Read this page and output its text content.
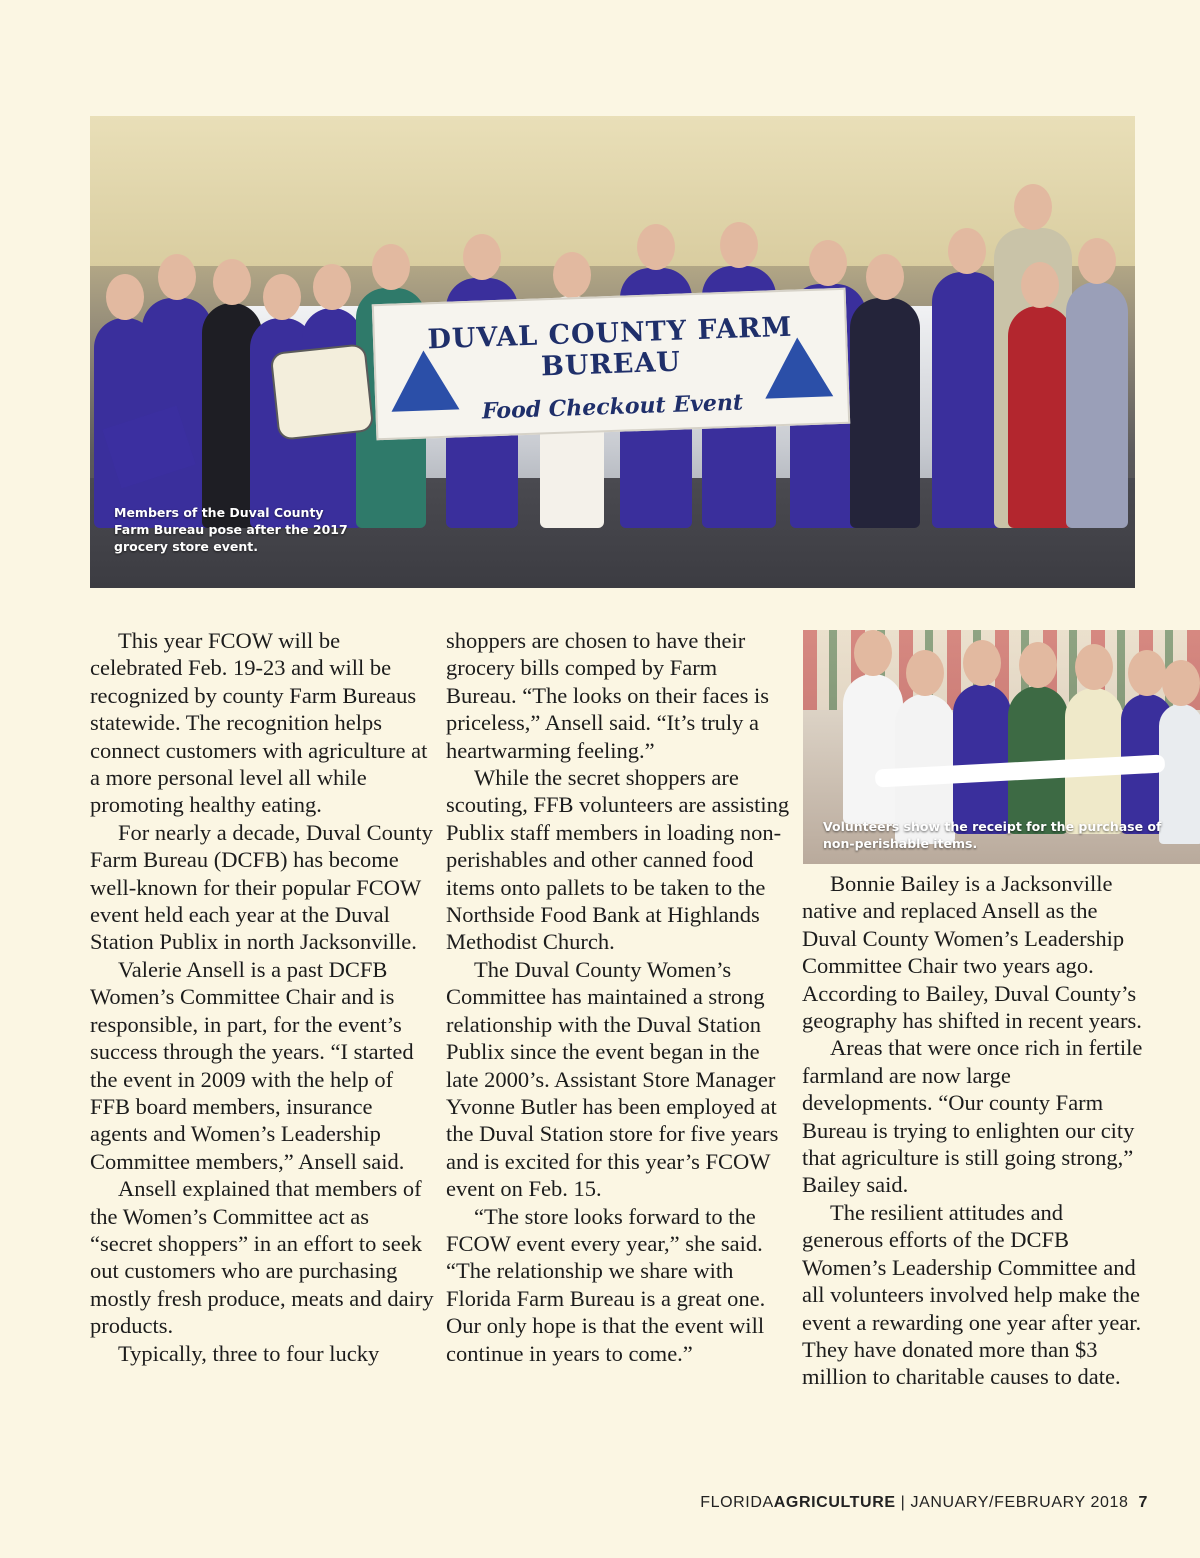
DUVAL COUNTY FARM BUREAU
Food Checkout Event
Members of the Duval County Farm Bureau pose after the 2017 grocery store event.
Volunteers show the receipt for the purchase of non-perishable items.

This year FCOW will be celebrated Feb. 19-23 and will be recognized by county Farm Bureaus statewide. The recognition helps connect customers with agriculture at a more personal level all while promoting healthy eating.

For nearly a decade, Duval County Farm Bureau (DCFB) has become well-known for their popular FCOW event held each year at the Duval Station Publix in north Jacksonville.

Valerie Ansell is a past DCFB Women’s Committee Chair and is responsible, in part, for the event’s success through the years. “I started the event in 2009 with the help of FFB board members, insurance agents and Women’s Leadership Committee members,” Ansell said.

Ansell explained that members of the Women’s Committee act as “secret shoppers” in an effort to seek out customers who are purchasing mostly fresh produce, meats and dairy products.

Typically, three to four lucky

shoppers are chosen to have their grocery bills comped by Farm Bureau. “The looks on their faces is priceless,” Ansell said. “It’s truly a heartwarming feeling.”

While the secret shoppers are scouting, FFB volunteers are assisting Publix staff members in loading non-perishables and other canned food items onto pallets to be taken to the Northside Food Bank at Highlands Methodist Church.

The Duval County Women’s Committee has maintained a strong relationship with the Duval Station Publix since the event began in the late 2000’s. Assistant Store Manager Yvonne Butler has been employed at the Duval Station store for five years and is excited for this year’s FCOW event on Feb. 15.

“The store looks forward to the FCOW event every year,” she said. “The relationship we share with Florida Farm Bureau is a great one. Our only hope is that the event will continue in years to come.”

Bonnie Bailey is a Jacksonville native and replaced Ansell as the Duval County Women’s Leadership Committee Chair two years ago. According to Bailey, Duval County’s geography has shifted in recent years.

Areas that were once rich in fertile farmland are now large developments. “Our county Farm Bureau is trying to enlighten our city that agriculture is still going strong,” Bailey said.

The resilient attitudes and generous efforts of the DCFB Women’s Leadership Committee and all volunteers involved help make the event a rewarding one year after year. They have donated more than $3 million to charitable causes to date.

FLORIDAAGRICULTURE | JANUARY/FEBRUARY 2018 7
